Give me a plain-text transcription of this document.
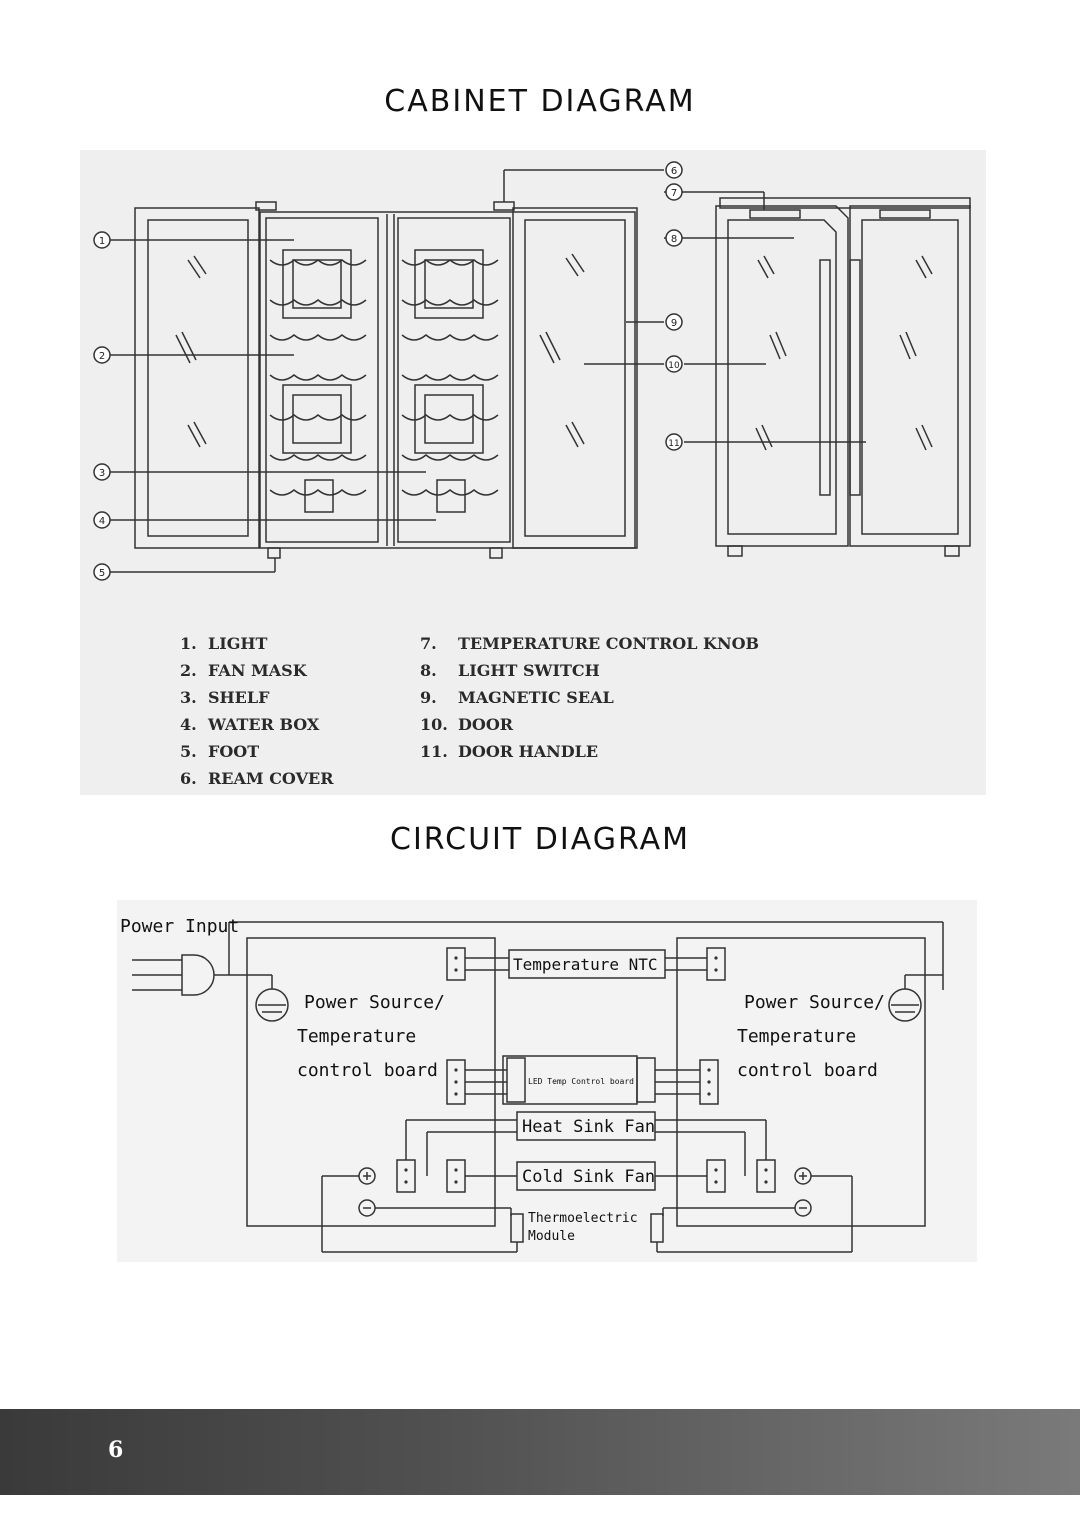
CABINET DIAGRAM
1
2
3
4
5
6
7
8
9
10
11
1. LIGHT
2. FAN MASK
3. SHELF
4. WATER BOX
5. FOOT
6. REAM COVER
7. TEMPERATURE CONTROL KNOB
8. LIGHT SWITCH
9. MAGNETIC SEAL
10. DOOR
11. DOOR HANDLE
CIRCUIT DIAGRAM
Power Input
Power Source/
Temperature
control board
Power Source/
Temperature
control board
Temperature NTC
LED Temp Control board
Heat Sink Fan
Cold Sink Fan
Thermoelectric
Module
6
